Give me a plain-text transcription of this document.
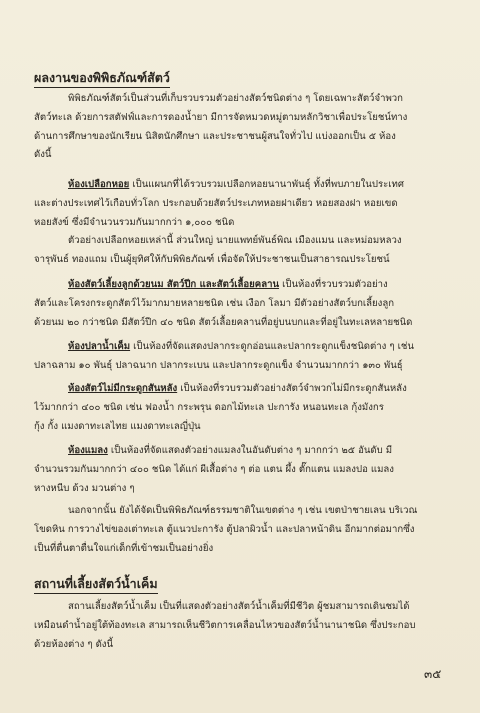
ผลงานของพิพิธภัณฑ์สัตว์
พิพิธภัณฑ์สัตว์เป็นส่วนที่เก็บรวบรวมตัวอย่างสัตว์ชนิดต่าง ๆ โดยเฉพาะสัตว์จำพวก
สัตว์ทะเล ด้วยการสตัฟฟ์และการดองน้ำยา มีการจัดหมวดหมู่ตามหลักวิชาเพื่อประโยชน์ทาง
ด้านการศึกษาของนักเรียน นิสิตนักศึกษา และประชาชนผู้สนใจทั่วไป แบ่งออกเป็น ๕ ห้อง
ดังนี้
ห้องเปลือกหอย เป็นแผนกที่ได้รวบรวมเปลือกหอยนานาพันธุ์ ทั้งที่พบภายในประเทศ
และต่างประเทศไว้เกือบทั่วโลก ประกอบด้วยสัตว์ประเภทหอยฝาเดียว หอยสองฝา หอยเขด
หอยสังข์ ซึ่งมีจำนวนรวมกันมากกว่า ๑,๐๐๐ ชนิด
ตัวอย่างเปลือกหอยเหล่านี้ ส่วนใหญ่ นายแพทย์พันธ์พิณ เมืองแมน และหม่อมหลวง
จารุพันธ์ ทองแถม เป็นผู้ยุทิศให้กับพิพิธภัณฑ์ เพื่อจัดให้ประชาชนเป็นสาธารณประโยชน์
ห้องสัตว์เลี้ยงลูกด้วยนม สัตว์ปีก และสัตว์เลื้อยคลาน เป็นห้องที่รวบรวมตัวอย่าง
สัตว์และโครงกระดูกสัตว์ไว้มากมายหลายชนิด เช่น เงือก โลมา มีตัวอย่างสัตว์บกเลี้ยงลูก
ด้วยนม ๒๐ กว่าชนิด มีสัตว์ปีก ๔๐ ชนิด สัตว์เลื้อยคลานที่อยู่บนบกและที่อยู่ในทะเลหลายชนิด
ห้องปลาน้ำเค็ม เป็นห้องที่จัดแสดงปลากระดูกอ่อนและปลากระดูกแข็งชนิดต่าง ๆ เช่น
ปลาฉลาม ๑๐ พันธุ์ ปลาฉนาก ปลากระเบน และปลากระดูกแข็ง จำนวนมากกว่า ๑๓๐ พันธุ์
ห้องสัตว์ไม่มีกระดูกสันหลัง เป็นห้องที่รวบรวมตัวอย่างสัตว์จำพวกไม่มีกระดูกสันหลัง
ไว้มากกว่า ๔๐๐ ชนิด เช่น ฟองน้ำ กระพรุน ดอกไม้ทะเล ปะการัง หนอนทะเล กุ้งมังกร
กุ้ง กั้ง แมงดาทะเลไทย แมงดาทะเลญี่ปุ่น
ห้องแมลง เป็นห้องที่จัดแสดงตัวอย่างแมลงในอันดับต่าง ๆ มากกว่า ๒๕ อันดับ มี
จำนวนรวมกันมากกว่า ๔๐๐ ชนิด ได้แก่ ผีเสื้อต่าง ๆ ต่อ แตน ผึ้ง ตั๊กแตน แมลงปอ แมลง
หางหนีบ ด้วง มวนต่าง ๆ
นอกจากนั้น ยังได้จัดเป็นพิพิธภัณฑ์ธรรมชาติในเขตต่าง ๆ เช่น เขตป่าชายเลน บริเวณ
โขดหิน การวางไข่ของเต่าทะเล ตู้แนวปะการัง ตู้ปลาผิวน้ำ และปลาหน้าดิน อีกมากต่อมากซึ่ง
เป็นที่ตื่นตาตื่นใจแก่เด็กที่เข้าชมเป็นอย่างยิ่ง
สถานที่เลี้ยงสัตว์น้ำเค็ม
สถานเลี้ยงสัตว์น้ำเค็ม เป็นที่แสดงตัวอย่างสัตว์น้ำเค็มที่มีชีวิต ผู้ชมสามารถเดินชมได้
เหมือนดำน้ำอยู่ใต้ท้องทะเล สามารถเห็นชีวิตการเคลื่อนไหวของสัตว์น้ำนานาชนิด ซึ่งประกอบ
ด้วยห้องต่าง ๆ ดังนี้
๓๕
